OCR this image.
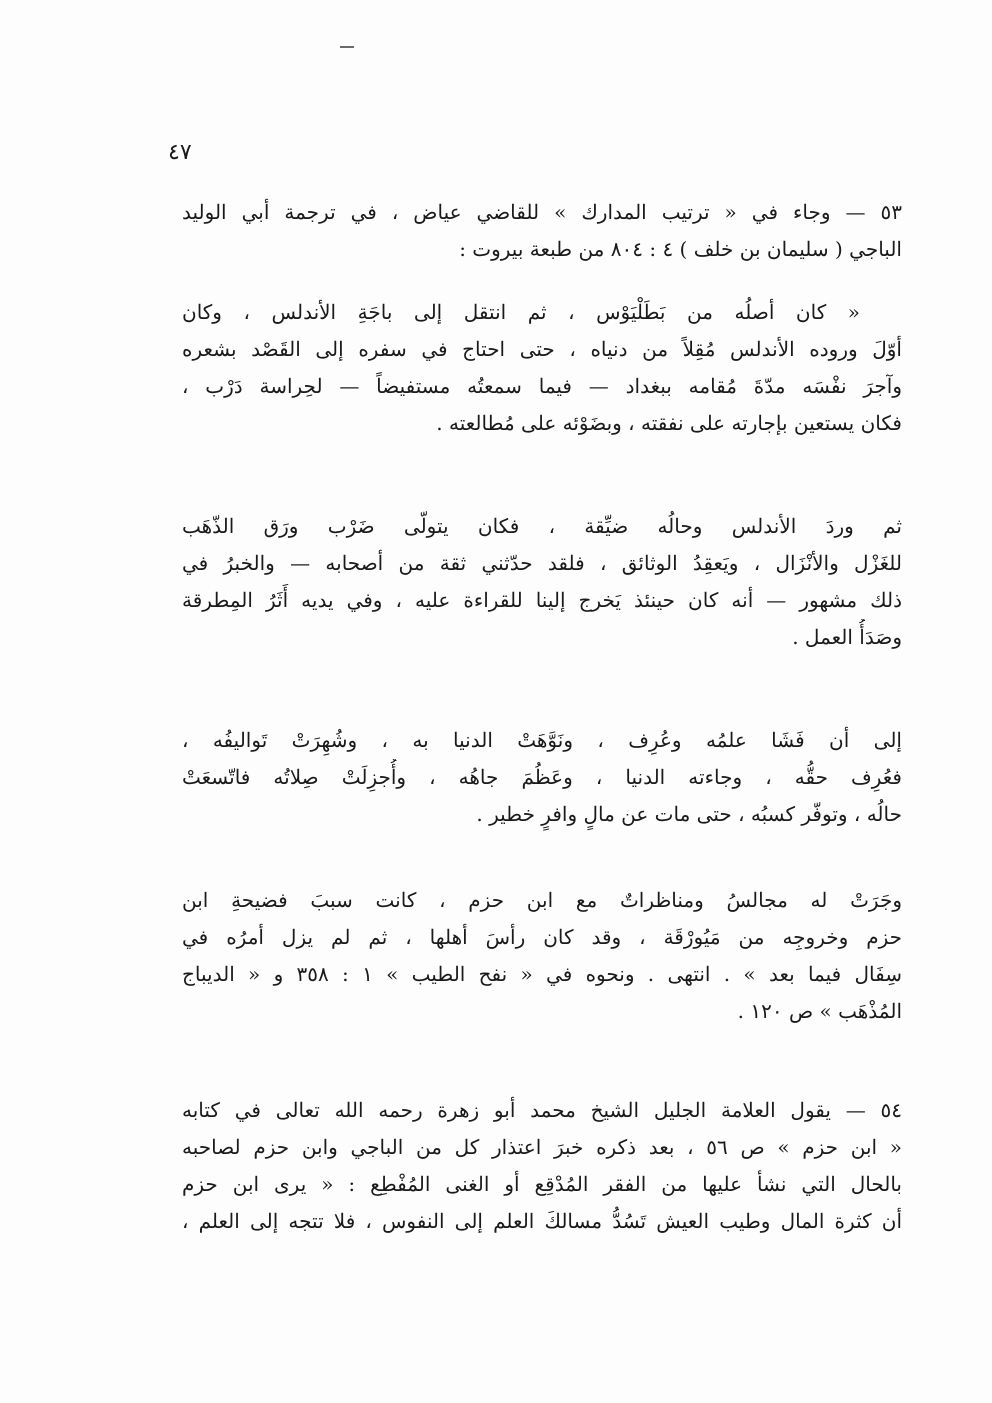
٤٧
٥٣ — وجاء في « ترتيب المدارك » للقاضي عياض ، في ترجمة أبي الوليد
الباجي ( سليمان بن خلف ) ٤ : ٨٠٤ من طبعة بيروت :
« كان أصلُه من بَطَلْيَوْس ، ثم انتقل إلى باجَةِ الأندلس ، وكان
أوّلَ وروده الأندلس مُقِلاً من دنياه ، حتى احتاج في سفره إلى القَصْد بشعره
وآجرَ نفْسَه مدّةَ مُقامه ببغداد — فيما سمعتُه مستفيضاً — لحِراسة دَرْب ،
فكان يستعين بإجارته على نفقته ، وبضَوْئه على مُطالعته .
ثم وردَ الأندلس وحالُه ضيِّقة ، فكان يتولّى ضَرْب ورَق الذّهَب
للغَزْل والأنْزَال ، ويَعقِدُ الوثائق ، فلقد حدّثني ثقة من أصحابه — والخبرُ في
ذلك مشهور — أنه كان حينئذ يَخرج إلينا للقراءة عليه ، وفي يديه أَثَرُ المِطرقة
وصَدَأُ العمل .
إلى أن فَشَا علمُه وعُرِف ، ونَوَّهَتْ الدنيا به ، وشُهِرَتْ تَواليفُه ،
فعُرِف حقُّه ، وجاءته الدنيا ، وعَظُمَ جاهُه ، وأُجزِلَتْ صِلاتُه فاتّسعَتْ
حالُه ، وتوفّر كسبُه ، حتى مات عن مالٍ وافرٍ خطير .
وجَرَتْ له مجالسُ ومناظراتٌ مع ابن حزم ، كانت سببَ فضيحةِ ابن
حزم وخروجِه من مَيُورْقَة ، وقد كان رأسَ أهلها ، ثم لم يزل أمرُه في
سِفَال فيما بعد » . انتهى . ونحوه في « نفح الطيب » ١ : ٣٥٨ و « الديباج
المُذْهَب » ص ١٢٠ .
٥٤ — يقول العلامة الجليل الشيخ محمد أبو زهرة رحمه الله تعالى في كتابه
« ابن حزم » ص ٥٦ ، بعد ذكره خبرَ اعتذار كل من الباجي وابن حزم لصاحبه
بالحال التي نشأ عليها من الفقر المُدْقِع أو الغنى المُفْطِع : « يرى ابن حزم
أن كثرة المال وطيب العيش تَسُدُّ مسالكَ العلم إلى النفوس ، فلا تتجه إلى العلم ،
